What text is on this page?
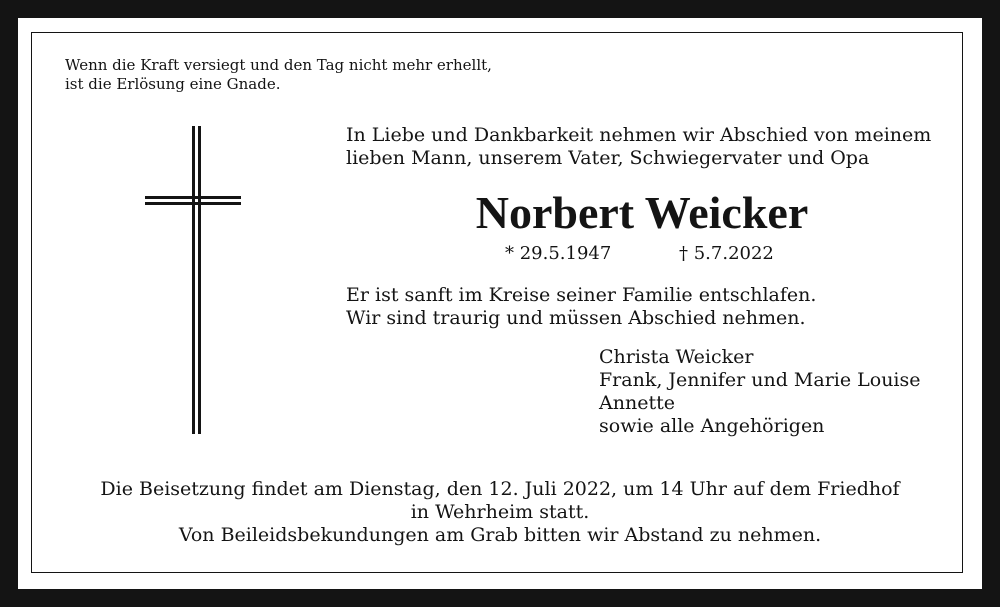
Wenn die Kraft versiegt und den Tag nicht mehr erhellt,
ist die Erlösung eine Gnade.
In Liebe und Dankbarkeit nehmen wir Abschied von meinem
lieben Mann, unserem Vater, Schwiegervater und Opa
Norbert Weicker
* 29.5.1947	† 5.7.2022
Er ist sanft im Kreise seiner Familie entschlafen.
Wir sind traurig und müssen Abschied nehmen.
Christa Weicker
Frank, Jennifer und Marie Louise
Annette
sowie alle Angehörigen
Die Beisetzung findet am Dienstag, den 12. Juli 2022, um 14 Uhr auf dem Friedhof
in Wehrheim statt.
Von Beileidsbekundungen am Grab bitten wir Abstand zu nehmen.
